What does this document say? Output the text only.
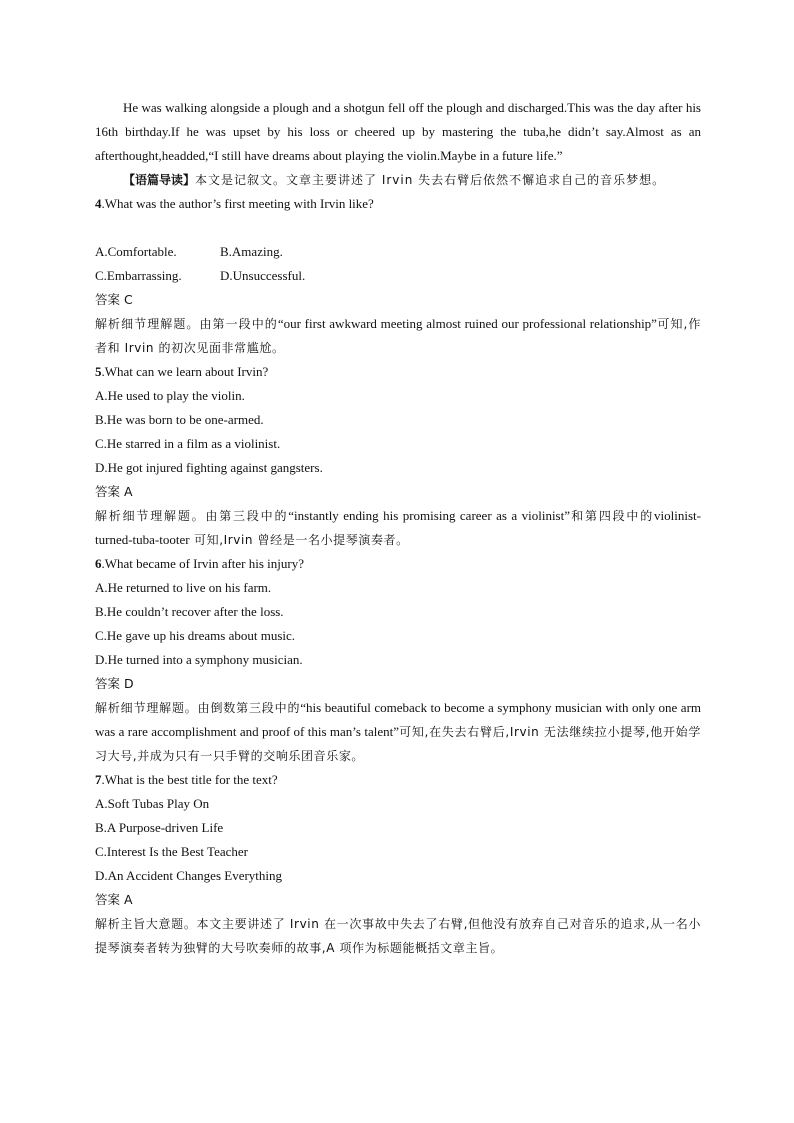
He was walking alongside a plough and a shotgun fell off the plough and discharged.This was the day after his 16th birthday.If he was upset by his loss or cheered up by mastering the tuba,he didn’t say.Almost as an afterthought,headded,“I still have dreams about playing the violin.Maybe in a future life.”

【语篇导读】本文是记叙文。文章主要讲述了 Irvin 失去右臂后依然不懈追求自己的音乐梦想。

4.What was the author’s first meeting with Irvin like?

A.Comfortable.	B.Amazing.
C.Embarrassing.	D.Unsuccessful.

答案 C

解析细节理解题。由第一段中的“our first awkward meeting almost ruined our professional relationship”可知,作者和 Irvin 的初次见面非常尴尬。

5.What can we learn about Irvin?

A.He used to play the violin.

B.He was born to be one-armed.

C.He starred in a film as a violinist.

D.He got injured fighting against gangsters.

答案 A

解析细节理解题。由第三段中的“instantly ending his promising career as a violinist”和第四段中的violinist-turned-tuba-tooter 可知,Irvin 曾经是一名小提琴演奏者。

6.What became of Irvin after his injury?

A.He returned to live on his farm.

B.He couldn’t recover after the loss.

C.He gave up his dreams about music.

D.He turned into a symphony musician.

答案 D

解析细节理解题。由倒数第三段中的“his beautiful comeback to become a symphony musician with only one arm was a rare accomplishment and proof of this man’s talent”可知,在失去右臂后,Irvin 无法继续拉小提琴,他开始学习大号,并成为只有一只手臂的交响乐团音乐家。

7.What is the best title for the text?

A.Soft Tubas Play On

B.A Purpose-driven Life

C.Interest Is the Best Teacher

D.An Accident Changes Everything

答案 A

解析主旨大意题。本文主要讲述了 Irvin 在一次事故中失去了右臂,但他没有放弃自己对音乐的追求,从一名小提琴演奏者转为独臂的大号吹奏师的故事,A 项作为标题能概括文章主旨。
